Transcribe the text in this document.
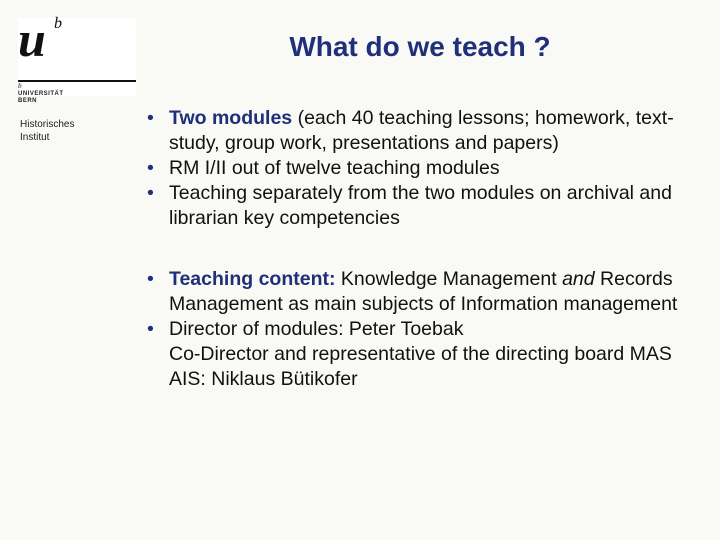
u b
b
UNIVERSITÄT
BERN
Historisches
Institut
What do we teach ?
• Two modules (each 40 teaching lessons; homework, text-study, group work, presentations and papers)
• RM I/II out of twelve teaching modules
• Teaching separately from the two modules on archival and librarian key competencies
• Teaching content: Knowledge Management and Records Management as main subjects of Information management
• Director of modules: Peter Toebak
Co-Director and representative of the directing board MAS AIS: Niklaus Bütikofer
